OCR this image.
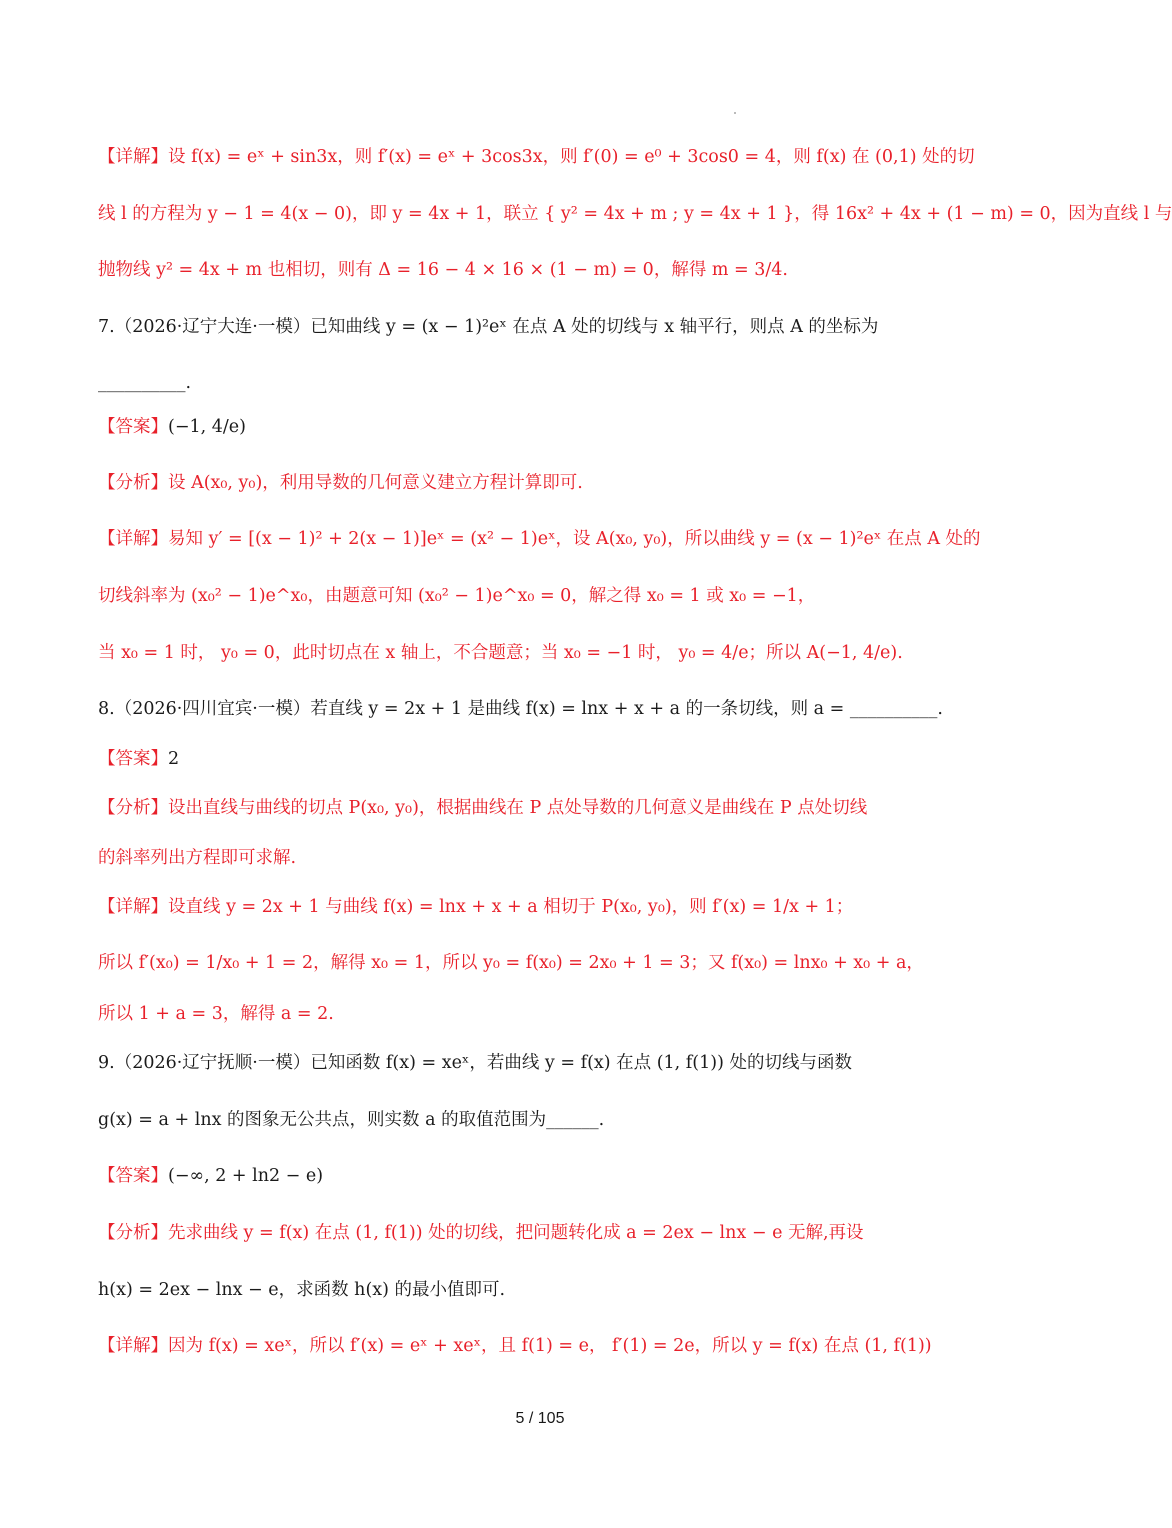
【详解】设 f(x) = eˣ + sin3x，则 f′(x) = eˣ + 3cos3x，则 f′(0) = e⁰ + 3cos0 = 4，则 f(x) 在 (0,1) 处的切
线 l 的方程为 y − 1 = 4(x − 0)，即 y = 4x + 1，联立 { y² = 4x + m ; y = 4x + 1 }，得 16x² + 4x + (1 − m) = 0，因为直线 l 与
抛物线 y² = 4x + m 也相切，则有 Δ = 16 − 4 × 16 × (1 − m) = 0，解得 m = 3/4.
7.（2026·辽宁大连·一模）已知曲线 y = (x − 1)²eˣ 在点 A 处的切线与 x 轴平行，则点 A 的坐标为
__________.
【答案】(−1, 4/e)
【分析】设 A(x₀, y₀)，利用导数的几何意义建立方程计算即可.
【详解】易知 y′ = [(x − 1)² + 2(x − 1)]eˣ = (x² − 1)eˣ，设 A(x₀, y₀)，所以曲线 y = (x − 1)²eˣ 在点 A 处的
切线斜率为 (x₀² − 1)e^x₀，由题意可知 (x₀² − 1)e^x₀ = 0，解之得 x₀ = 1 或 x₀ = −1，
当 x₀ = 1 时， y₀ = 0，此时切点在 x 轴上，不合题意；当 x₀ = −1 时， y₀ = 4/e；所以 A(−1, 4/e).
8.（2026·四川宜宾·一模）若直线 y = 2x + 1 是曲线 f(x) = lnx + x + a 的一条切线，则 a = __________.
【答案】2
【分析】设出直线与曲线的切点 P(x₀, y₀)，根据曲线在 P 点处导数的几何意义是曲线在 P 点处切线
的斜率列出方程即可求解.
【详解】设直线 y = 2x + 1 与曲线 f(x) = lnx + x + a 相切于 P(x₀, y₀)，则 f′(x) = 1/x + 1；
所以 f′(x₀) = 1/x₀ + 1 = 2，解得 x₀ = 1，所以 y₀ = f(x₀) = 2x₀ + 1 = 3；又 f(x₀) = lnx₀ + x₀ + a，
所以 1 + a = 3，解得 a = 2.
9.（2026·辽宁抚顺·一模）已知函数 f(x) = xeˣ，若曲线 y = f(x) 在点 (1, f(1)) 处的切线与函数
g(x) = a + lnx 的图象无公共点，则实数 a 的取值范围为______.
【答案】(−∞, 2 + ln2 − e)
【分析】先求曲线 y = f(x) 在点 (1, f(1)) 处的切线，把问题转化成 a = 2ex − lnx − e 无解,再设
h(x) = 2ex − lnx − e，求函数 h(x) 的最小值即可.
【详解】因为 f(x) = xeˣ，所以 f′(x) = eˣ + xeˣ，且 f(1) = e， f′(1) = 2e，所以 y = f(x) 在点 (1, f(1))
5 / 105
